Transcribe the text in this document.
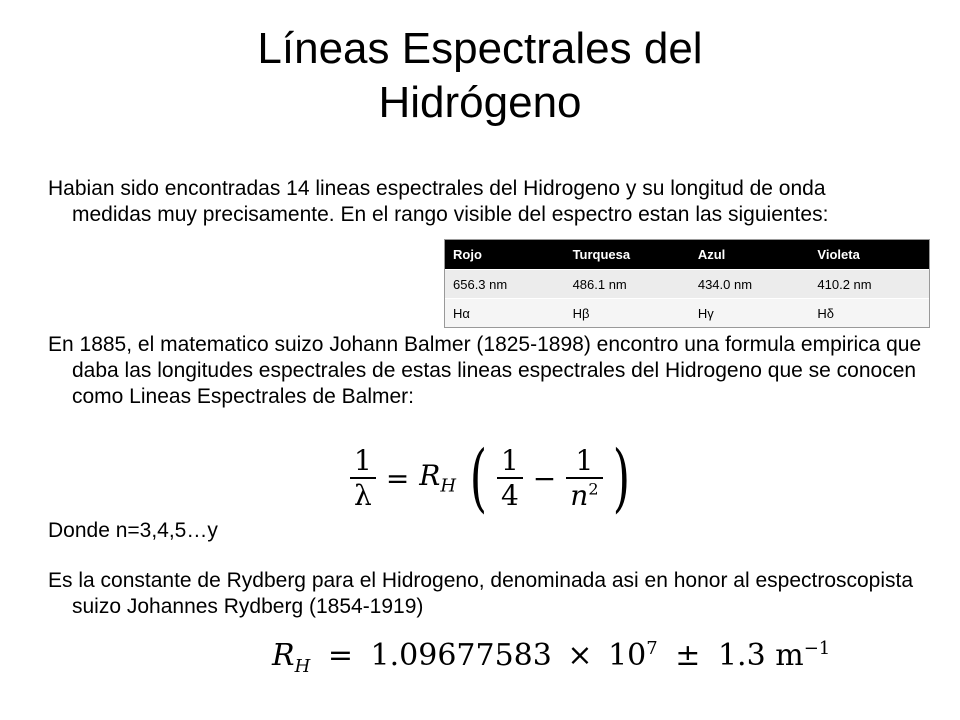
Líneas Espectrales del
Hidrógeno
Habian sido encontradas 14 lineas espectrales del Hidrogeno y su longitud de onda medidas muy precisamente. En el rango visible del espectro estan las siguientes:
Rojo	Turquesa	Azul	Violeta
656.3 nm	486.1 nm	434.0 nm	410.2 nm
Hα	Hβ	Hγ	Hδ
En 1885, el matematico suizo Johann Balmer (1825-1898) encontro una formula empirica que daba las longitudes espectrales de estas lineas espectrales del Hidrogeno que se conocen como Lineas Espectrales de Balmer:
$\frac{1}{\lambda} = R_H$ ( $\frac{1}{4} - \frac{1}{n^2}$ )
Donde n=3,4,5…y
Es la constante de Rydberg para el Hidrogeno, denominada asi en honor al espectroscopista suizo Johannes Rydberg (1854-1919)
$R_H = 1.09677583 \times 10^7 \pm 1.3$ $m^{-1}$
